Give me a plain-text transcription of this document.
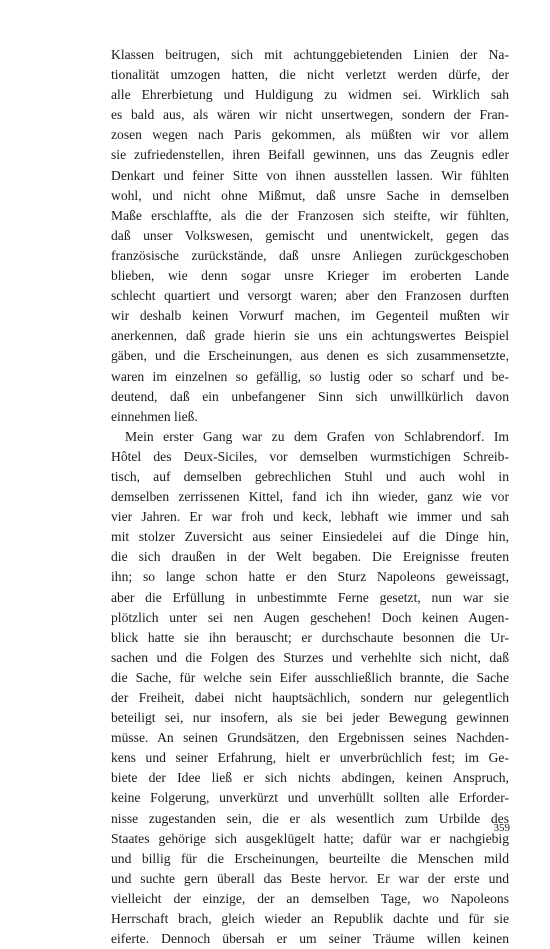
Klassen beitrugen, sich mit achtunggebietenden Linien der Na-
tionalität umzogen hatten, die nicht verletzt werden dürfe, der
alle Ehrerbietung und Huldigung zu widmen sei. Wirklich sah
es bald aus, als wären wir nicht unsertwegen, sondern der Fran-
zosen wegen nach Paris gekommen, als müßten wir vor allem
sie zufriedenstellen, ihren Beifall gewinnen, uns das Zeugnis edler
Denkart und feiner Sitte von ihnen ausstellen lassen. Wir fühlten
wohl, und nicht ohne Mißmut, daß unsre Sache in demselben
Maße erschlaffte, als die der Franzosen sich steifte, wir fühlten,
daß unser Volkswesen, gemischt und unentwickelt, gegen das
französische zurückstände, daß unsre Anliegen zurückgeschoben
blieben, wie denn sogar unsre Krieger im eroberten Lande
schlecht quartiert und versorgt waren; aber den Franzosen durften
wir deshalb keinen Vorwurf machen, im Gegenteil mußten wir
anerkennen, daß grade hierin sie uns ein achtungswertes Beispiel
gäben, und die Erscheinungen, aus denen es sich zusammensetzte,
waren im einzelnen so gefällig, so lustig oder so scharf und be-
deutend, daß ein unbefangener Sinn sich unwillkürlich davon
einnehmen ließ.
Mein erster Gang war zu dem Grafen von Schlabrendorf. Im
Hôtel des Deux-Siciles, vor demselben wurmstichigen Schreib-
tisch, auf demselben gebrechlichen Stuhl und auch wohl in
demselben zerrissenen Kittel, fand ich ihn wieder, ganz wie vor
vier Jahren. Er war froh und keck, lebhaft wie immer und sah
mit stolzer Zuversicht aus seiner Einsiedelei auf die Dinge hin,
die sich draußen in der Welt begaben. Die Ereignisse freuten
ihn; so lange schon hatte er den Sturz Napoleons geweissagt,
aber die Erfüllung in unbestimmte Ferne gesetzt, nun war sie
plötzlich unter sei nen Augen geschehen! Doch keinen Augen-
blick hatte sie ihn berauscht; er durchschaute besonnen die Ur-
sachen und die Folgen des Sturzes und verhehlte sich nicht, daß
die Sache, für welche sein Eifer ausschließlich brannte, die Sache
der Freiheit, dabei nicht hauptsächlich, sondern nur gelegentlich
beteiligt sei, nur insofern, als sie bei jeder Bewegung gewinnen
müsse. An seinen Grundsätzen, den Ergebnissen seines Nachden-
kens und seiner Erfahrung, hielt er unverbrüchlich fest; im Ge-
biete der Idee ließ er sich nichts abdingen, keinen Anspruch,
keine Folgerung, unverkürzt und unverhüllt sollten alle Erforder-
nisse zugestanden sein, die er als wesentlich zum Urbilde des
Staates gehörige sich ausgeklügelt hatte; dafür war er nachgiebig
und billig für die Erscheinungen, beurteilte die Menschen mild
und suchte gern überall das Beste hervor. Er war der erste und
vielleicht der einzige, der an demselben Tage, wo Napoleons
Herrschaft brach, gleich wieder an Republik dachte und für sie
eiferte. Dennoch übersah er um seiner Träume willen keinen
359
